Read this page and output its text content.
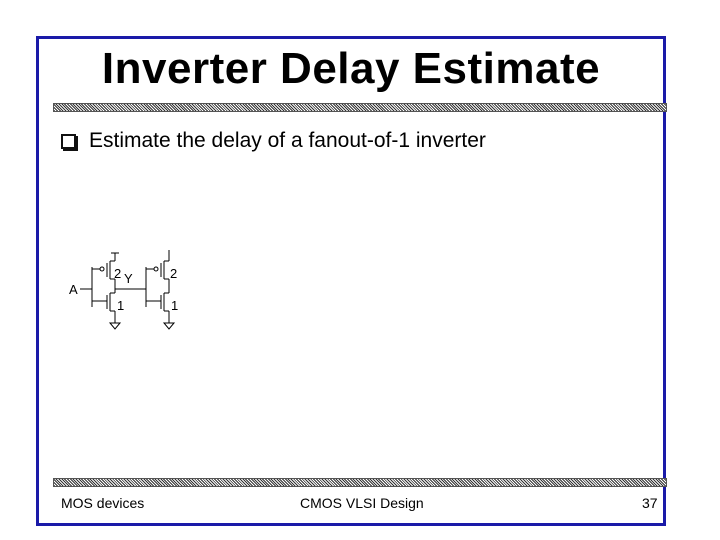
Inverter Delay Estimate
Estimate the delay of a fanout-of-1 inverter
A
Y
2
1
2
1
MOS devices	CMOS VLSI Design	37
